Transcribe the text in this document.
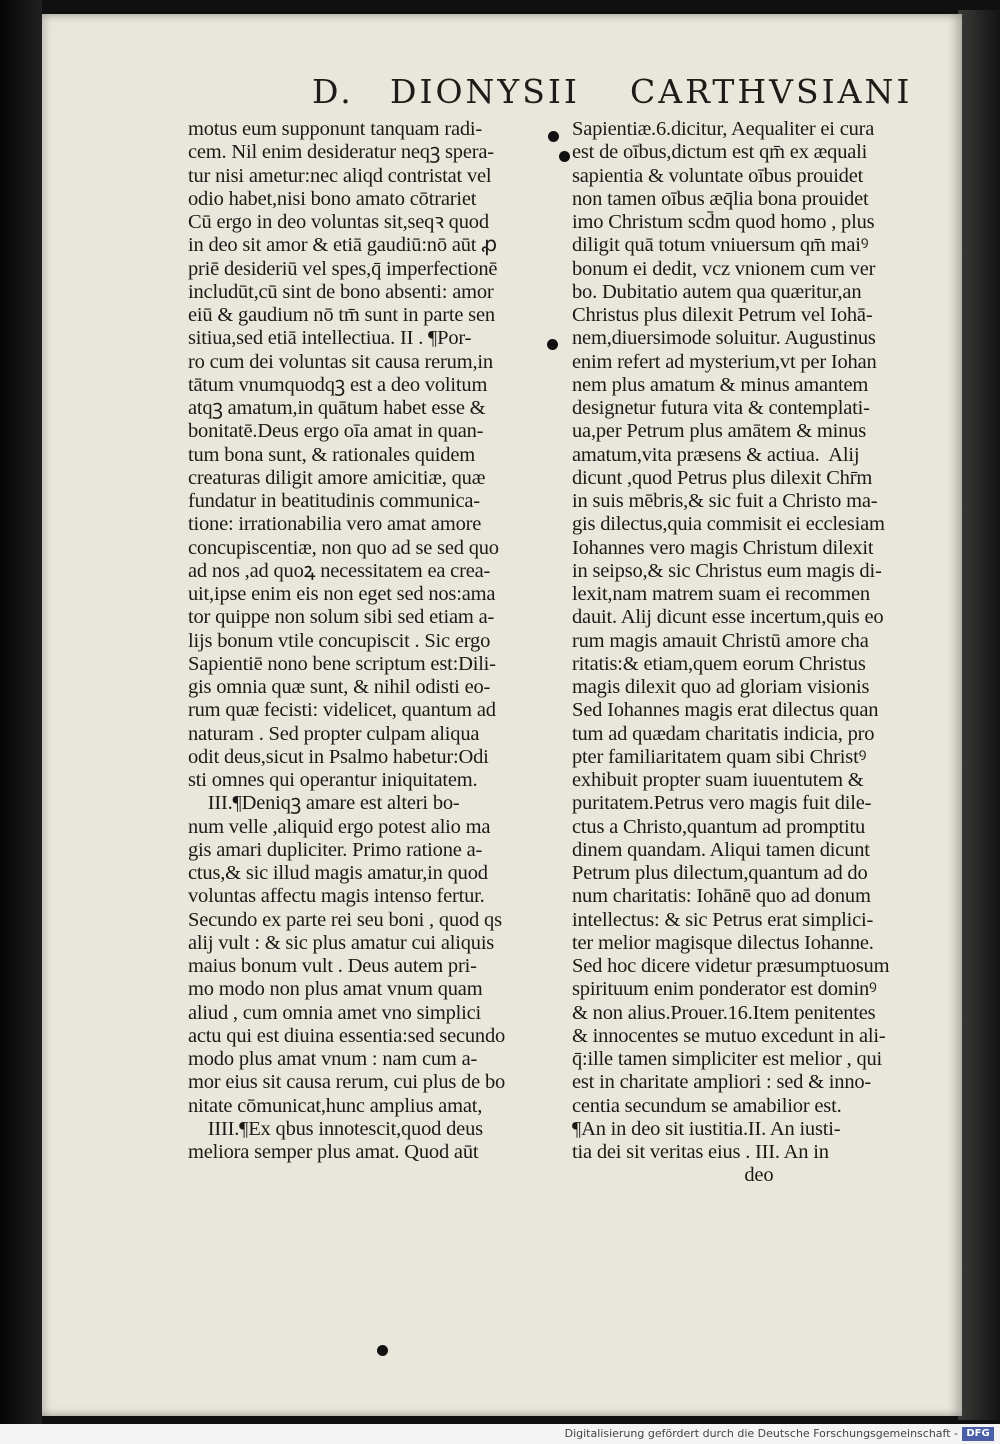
D. DIONYSII CARTHVSIANI
motus eum supponunt tanquam radi-
cem. Nil enim desideratur neqꝫ spera-
tur nisi ametur:nec aliqd contristat vel
odio habet,nisi bono amato cōtrariet
Cū ergo in deo voluntas sit,seqꝛ quod
in deo sit amor & etiā gaudiū:nō aūt ꝓ
priē desideriū vel spes,q̄ imperfectionē
includūt,cū sint de bono absenti: amor
eiū & gaudium nō tm̄ sunt in parte sen
sitiua,sed etiā intellectiua. II . ¶Por-
ro cum dei voluntas sit causa rerum,in
tātum vnumquodqꝫ est a deo volitum
atqꝫ amatum,in quātum habet esse &
bonitatē.Deus ergo oīa amat in quan-
tum bona sunt, & rationales quidem
creaturas diligit amore amicitiæ, quæ
fundatur in beatitudinis communica-
tione: irrationabilia vero amat amore
concupiscentiæ, non quo ad se sed quo
ad nos ,ad quoꝝ necessitatem ea crea-
uit,ipse enim eis non eget sed nos:ama
tor quippe non solum sibi sed etiam a-
lijs bonum vtile concupiscit . Sic ergo
Sapientiē nono bene scriptum est:Dili-
gis omnia quæ sunt, & nihil odisti eo-
rum quæ fecisti: videlicet, quantum ad
naturam . Sed propter culpam aliqua
odit deus,sicut in Psalmo habetur:Odi
sti omnes qui operantur iniquitatem.
III.¶Deniqꝫ amare est alteri bo-
num velle ,aliquid ergo potest alio ma
gis amari dupliciter. Primo ratione a-
ctus,& sic illud magis amatur,in quod
voluntas affectu magis intenso fertur.
Secundo ex parte rei seu boni , quod qs
alij vult : & sic plus amatur cui aliquis
maius bonum vult . Deus autem pri-
mo modo non plus amat vnum quam
aliud , cum omnia amet vno simplici
actu qui est diuina essentia:sed secundo
modo plus amat vnum : nam cum a-
mor eius sit causa rerum, cui plus de bo
nitate cōmunicat,hunc amplius amat,
IIII.¶Ex qbus innotescit,quod deus
meliora semper plus amat. Quod aūt
Sapientiæ.6.dicitur, Aequaliter ei cura
est de oībus,dictum est qm̄ ex æquali
sapientia & voluntate oībus prouidet
non tamen oībus æq̄lia bona prouidet
imo Christum scd̄m quod homo , plus
diligit quā totum vniuersum qm̄ maiꝰ
bonum ei dedit, vcz vnionem cum ver
bo. Dubitatio autem qua quæritur,an
Christus plus dilexit Petrum vel Iohā-
nem,diuersimode soluitur. Augustinus
enim refert ad mysterium,vt per Iohan
nem plus amatum & minus amantem
designetur futura vita & contemplati-
ua,per Petrum plus amātem & minus
amatum,vita præsens & actiua.  Alij
dicunt ,quod Petrus plus dilexit Chr̄m
in suis mēbris,& sic fuit a Christo ma-
gis dilectus,quia commisit ei ecclesiam
Iohannes vero magis Christum dilexit
in seipso,& sic Christus eum magis di-
lexit,nam matrem suam ei recommen
dauit. Alij dicunt esse incertum,quis eo
rum magis amauit Christū amore cha
ritatis:& etiam,quem eorum Christus
magis dilexit quo ad gloriam visionis
Sed Iohannes magis erat dilectus quan
tum ad quædam charitatis indicia, pro
pter familiaritatem quam sibi Christꝰ
exhibuit propter suam iuuentutem &
puritatem.Petrus vero magis fuit dile-
ctus a Christo,quantum ad promptitu
dinem quandam. Aliqui tamen dicunt
Petrum plus dilectum,quantum ad do
num charitatis: Iohānē quo ad donum
intellectus: & sic Petrus erat simplici-
ter melior magisque dilectus Iohanne.
Sed hoc dicere videtur præsumptuosum
spirituum enim ponderator est dominꝰ
& non alius.Prouer.16.Item penitentes
& innocentes se mutuo excedunt in ali-
q̄:ille tamen simpliciter est melior , qui
est in charitate ampliori : sed & inno-
centia secundum se amabilior est.
¶An in deo sit iustitia.II. An iusti-
tia dei sit veritas eius . III. An in
deo
Digitalisierung gefördert durch die Deutsche Forschungsgemeinschaft - DFG
